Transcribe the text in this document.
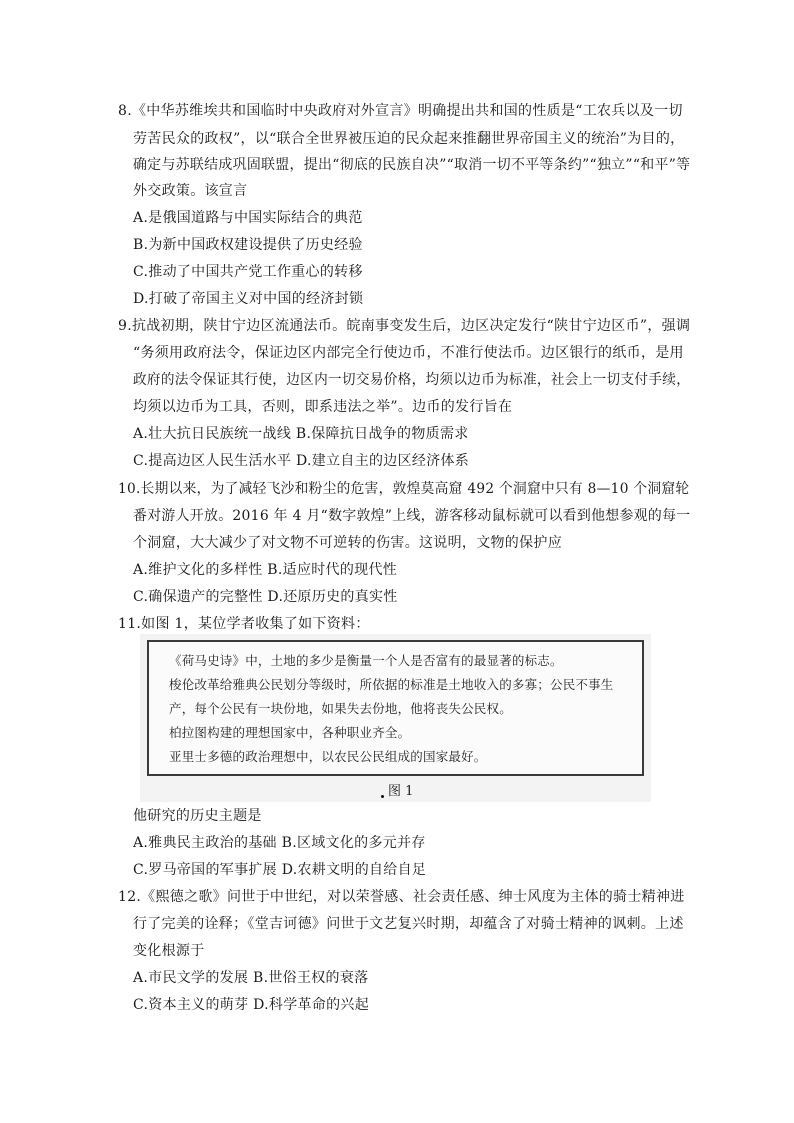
8.《中华苏维埃共和国临时中央政府对外宣言》明确提出共和国的性质是“工农兵以及一切
劳苦民众的政权”，以“联合全世界被压迫的民众起来推翻世界帝国主义的统治”为目的，
确定与苏联结成巩固联盟，提出“彻底的民族自决”“取消一切不平等条约”“独立”“和平”等
外交政策。该宣言
A.是俄国道路与中国实际结合的典范
B.为新中国政权建设提供了历史经验
C.推动了中国共产党工作重心的转移
D.打破了帝国主义对中国的经济封锁
9.抗战初期，陕甘宁边区流通法币。皖南事变发生后，边区决定发行“陕甘宁边区币”，强调
“务须用政府法令，保证边区内部完全行使边币，不准行使法币。边区银行的纸币，是用
政府的法令保证其行使，边区内一切交易价格，均须以边币为标准，社会上一切支付手续，
均须以边币为工具，否则，即系违法之举”。边币的发行旨在
A.壮大抗日民族统一战线 B.保障抗日战争的物质需求
C.提高边区人民生活水平 D.建立自主的边区经济体系
10.长期以来，为了减轻飞沙和粉尘的危害，敦煌莫高窟 492 个洞窟中只有 8—10 个洞窟轮
番对游人开放。2016 年 4 月“数字敦煌”上线，游客移动鼠标就可以看到他想参观的每一
个洞窟，大大减少了对文物不可逆转的伤害。这说明，文物的保护应
A.维护文化的多样性 B.适应时代的现代性
C.确保遗产的完整性 D.还原历史的真实性
11.如图 1，某位学者收集了如下资料：
《荷马史诗》中，土地的多少是衡量一个人是否富有的最显著的标志。
梭伦改革给雅典公民划分等级时，所依据的标准是土地收入的多寡；公民不事生
产，每个公民有一块份地，如果失去份地，他将丧失公民权。
柏拉图构建的理想国家中，各种职业齐全。
亚里士多德的政治理想中，以农民公民组成的国家最好。
图 1
他研究的历史主题是
A.雅典民主政治的基础 B.区域文化的多元并存
C.罗马帝国的军事扩展 D.农耕文明的自给自足
12.《熙德之歌》问世于中世纪，对以荣誉感、社会责任感、绅士风度为主体的骑士精神进
行了完美的诠释；《堂吉诃德》问世于文艺复兴时期，却蕴含了对骑士精神的讽刺。上述
变化根源于
A.市民文学的发展 B.世俗王权的衰落
C.资本主义的萌芽 D.科学革命的兴起
